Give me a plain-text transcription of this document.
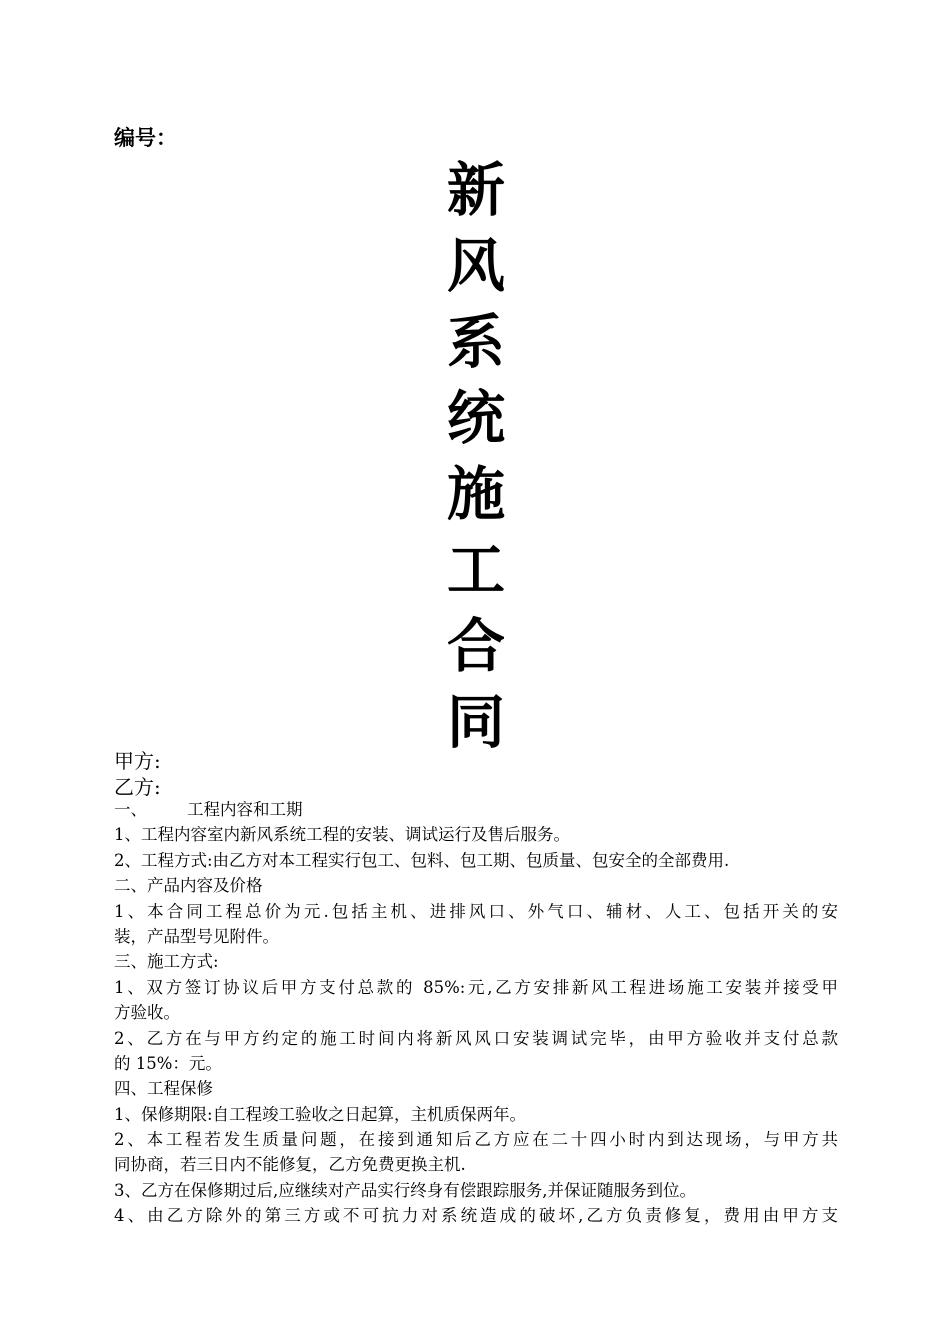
编号：
新
风
系
统
施
工
合
同
甲方:
乙方:
一、 工程内容和工期
1、工程内容室内新风系统工程的安装、调试运行及售后服务。
2、工程方式:由乙方对本工程实行包工、包料、包工期、包质量、包安全的全部费用.
二、产品内容及价格
1、本合同工程总价为元.包括主机、进排风口、外气口、辅材、人工、包括开关的安
装，产品型号见附件。
三、施工方式:
1、双方签订协议后甲方支付总款的 85%:元,乙方安排新风工程进场施工安装并接受甲
方验收。
2、乙方在与甲方约定的施工时间内将新风风口安装调试完毕，由甲方验收并支付总款
的 15%：元。
四、工程保修
1、保修期限:自工程竣工验收之日起算，主机质保两年。
2、本工程若发生质量问题，在接到通知后乙方应在二十四小时内到达现场，与甲方共
同协商，若三日内不能修复，乙方免费更换主机.
3、乙方在保修期过后,应继续对产品实行终身有偿跟踪服务,并保证随服务到位。
4、由乙方除外的第三方或不可抗力对系统造成的破坏,乙方负责修复，费用由甲方支
